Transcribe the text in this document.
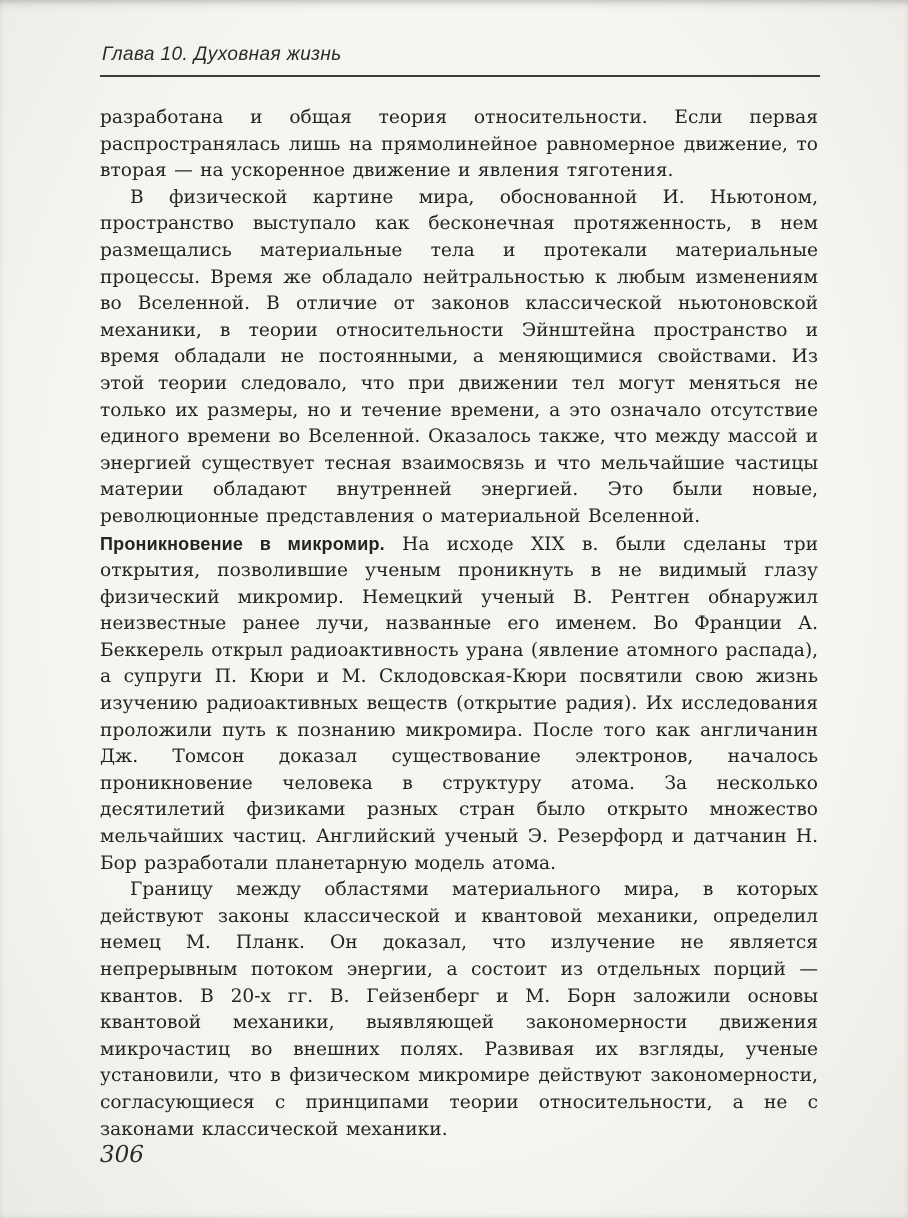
Глава 10. Духовная жизнь

разработана и общая теория относительности. Если первая распространялась лишь на прямолинейное равномерное движение, то вторая — на ускоренное движение и явления тяготения.

В физической картине мира, обоснованной И. Ньютоном, пространство выступало как бесконечная протяженность, в нем размещались материальные тела и протекали материальные процессы. Время же обладало нейтральностью к любым изменениям во Вселенной. В отличие от законов классической ньютоновской механики, в теории относительности Эйнштейна пространство и время обладали не постоянными, а меняющимися свойствами. Из этой теории следовало, что при движении тел могут меняться не только их размеры, но и течение времени, а это означало отсутствие единого времени во Вселенной. Оказалось также, что между массой и энергией существует тесная взаимосвязь и что мельчайшие частицы материи обладают внутренней энергией. Это были новые, революционные представления о материальной Вселенной.

Проникновение в микромир. На исходе XIX в. были сделаны три открытия, позволившие ученым проникнуть в не видимый глазу физический микромир. Немецкий ученый В. Рентген обнаружил неизвестные ранее лучи, названные его именем. Во Франции А. Беккерель открыл радиоактивность урана (явление атомного распада), а супруги П. Кюри и М. Склодовская-Кюри посвятили свою жизнь изучению радиоактивных веществ (открытие радия). Их исследования проложили путь к познанию микромира. После того как англичанин Дж. Томсон доказал существование электронов, началось проникновение человека в структуру атома. За несколько десятилетий физиками разных стран было открыто множество мельчайших частиц. Английский ученый Э. Резерфорд и датчанин Н. Бор разработали планетарную модель атома.

Границу между областями материального мира, в которых действуют законы классической и квантовой механики, определил немец М. Планк. Он доказал, что излучение не является непрерывным потоком энергии, а состоит из отдельных порций — квантов. В 20-х гг. В. Гейзенберг и М. Борн заложили основы квантовой механики, выявляющей закономерности движения микрочастиц во внешних полях. Развивая их взгляды, ученые установили, что в физическом микромире действуют закономерности, согласующиеся с принципами теории относительности, а не с законами классической механики.

306
